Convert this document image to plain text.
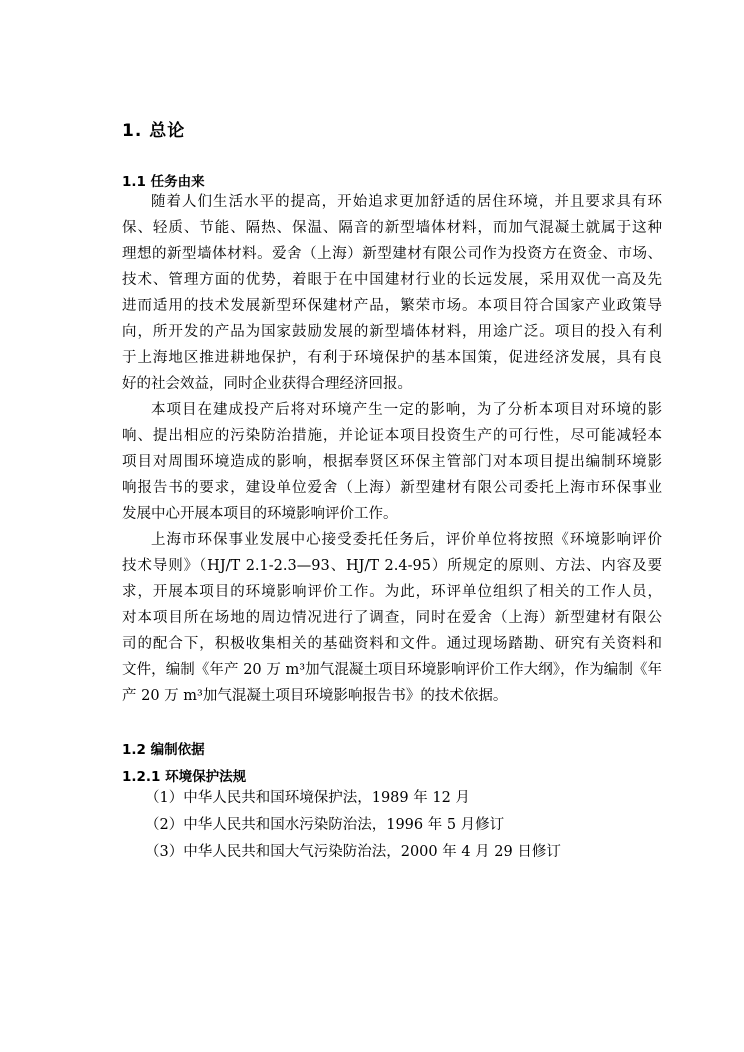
1. 总论
1.1 任务由来
随着人们生活水平的提高，开始追求更加舒适的居住环境，并且要求具有环
保、轻质、节能、隔热、保温、隔音的新型墙体材料，而加气混凝土就属于这种
理想的新型墙体材料。爱舍（上海）新型建材有限公司作为投资方在资金、市场、
技术、管理方面的优势，着眼于在中国建材行业的长远发展，采用双优一高及先
进而适用的技术发展新型环保建材产品，繁荣市场。本项目符合国家产业政策导
向，所开发的产品为国家鼓励发展的新型墙体材料，用途广泛。项目的投入有利
于上海地区推进耕地保护，有利于环境保护的基本国策，促进经济发展，具有良
好的社会效益，同时企业获得合理经济回报。
本项目在建成投产后将对环境产生一定的影响，为了分析本项目对环境的影
响、提出相应的污染防治措施，并论证本项目投资生产的可行性，尽可能减轻本
项目对周围环境造成的影响，根据奉贤区环保主管部门对本项目提出编制环境影
响报告书的要求，建设单位爱舍（上海）新型建材有限公司委托上海市环保事业
发展中心开展本项目的环境影响评价工作。
上海市环保事业发展中心接受委托任务后，评价单位将按照《环境影响评价
技术导则》（HJ/T 2.1-2.3—93、HJ/T 2.4-95）所规定的原则、方法、内容及要
求，开展本项目的环境影响评价工作。为此，环评单位组织了相关的工作人员，
对本项目所在场地的周边情况进行了调查，同时在爱舍（上海）新型建材有限公
司的配合下，积极收集相关的基础资料和文件。通过现场踏勘、研究有关资料和
文件，编制《年产 20 万 m³加气混凝土项目环境影响评价工作大纲》，作为编制《年
产 20 万 m³加气混凝土项目环境影响报告书》的技术依据。
1.2 编制依据
1.2.1 环境保护法规
（1）中华人民共和国环境保护法，1989 年 12 月
（2）中华人民共和国水污染防治法，1996 年 5 月修订
（3）中华人民共和国大气污染防治法，2000 年 4 月 29 日修订
